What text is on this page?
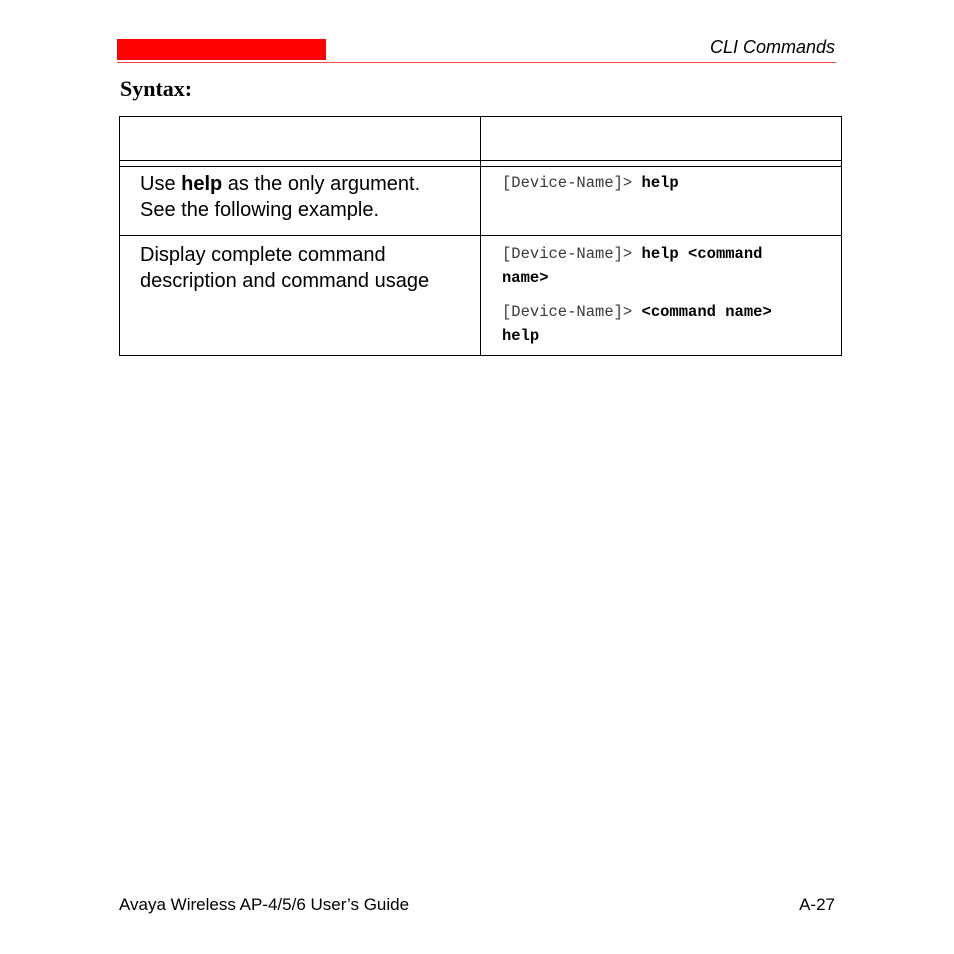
CLI Commands
Syntax:
Use help as the only argument.
See the following example.
[Device-Name]> help
Display complete command
description and command usage
[Device-Name]> help <command
name>
[Device-Name]> <command name>
help
Avaya Wireless AP-4/5/6 User’s Guide	A-27
